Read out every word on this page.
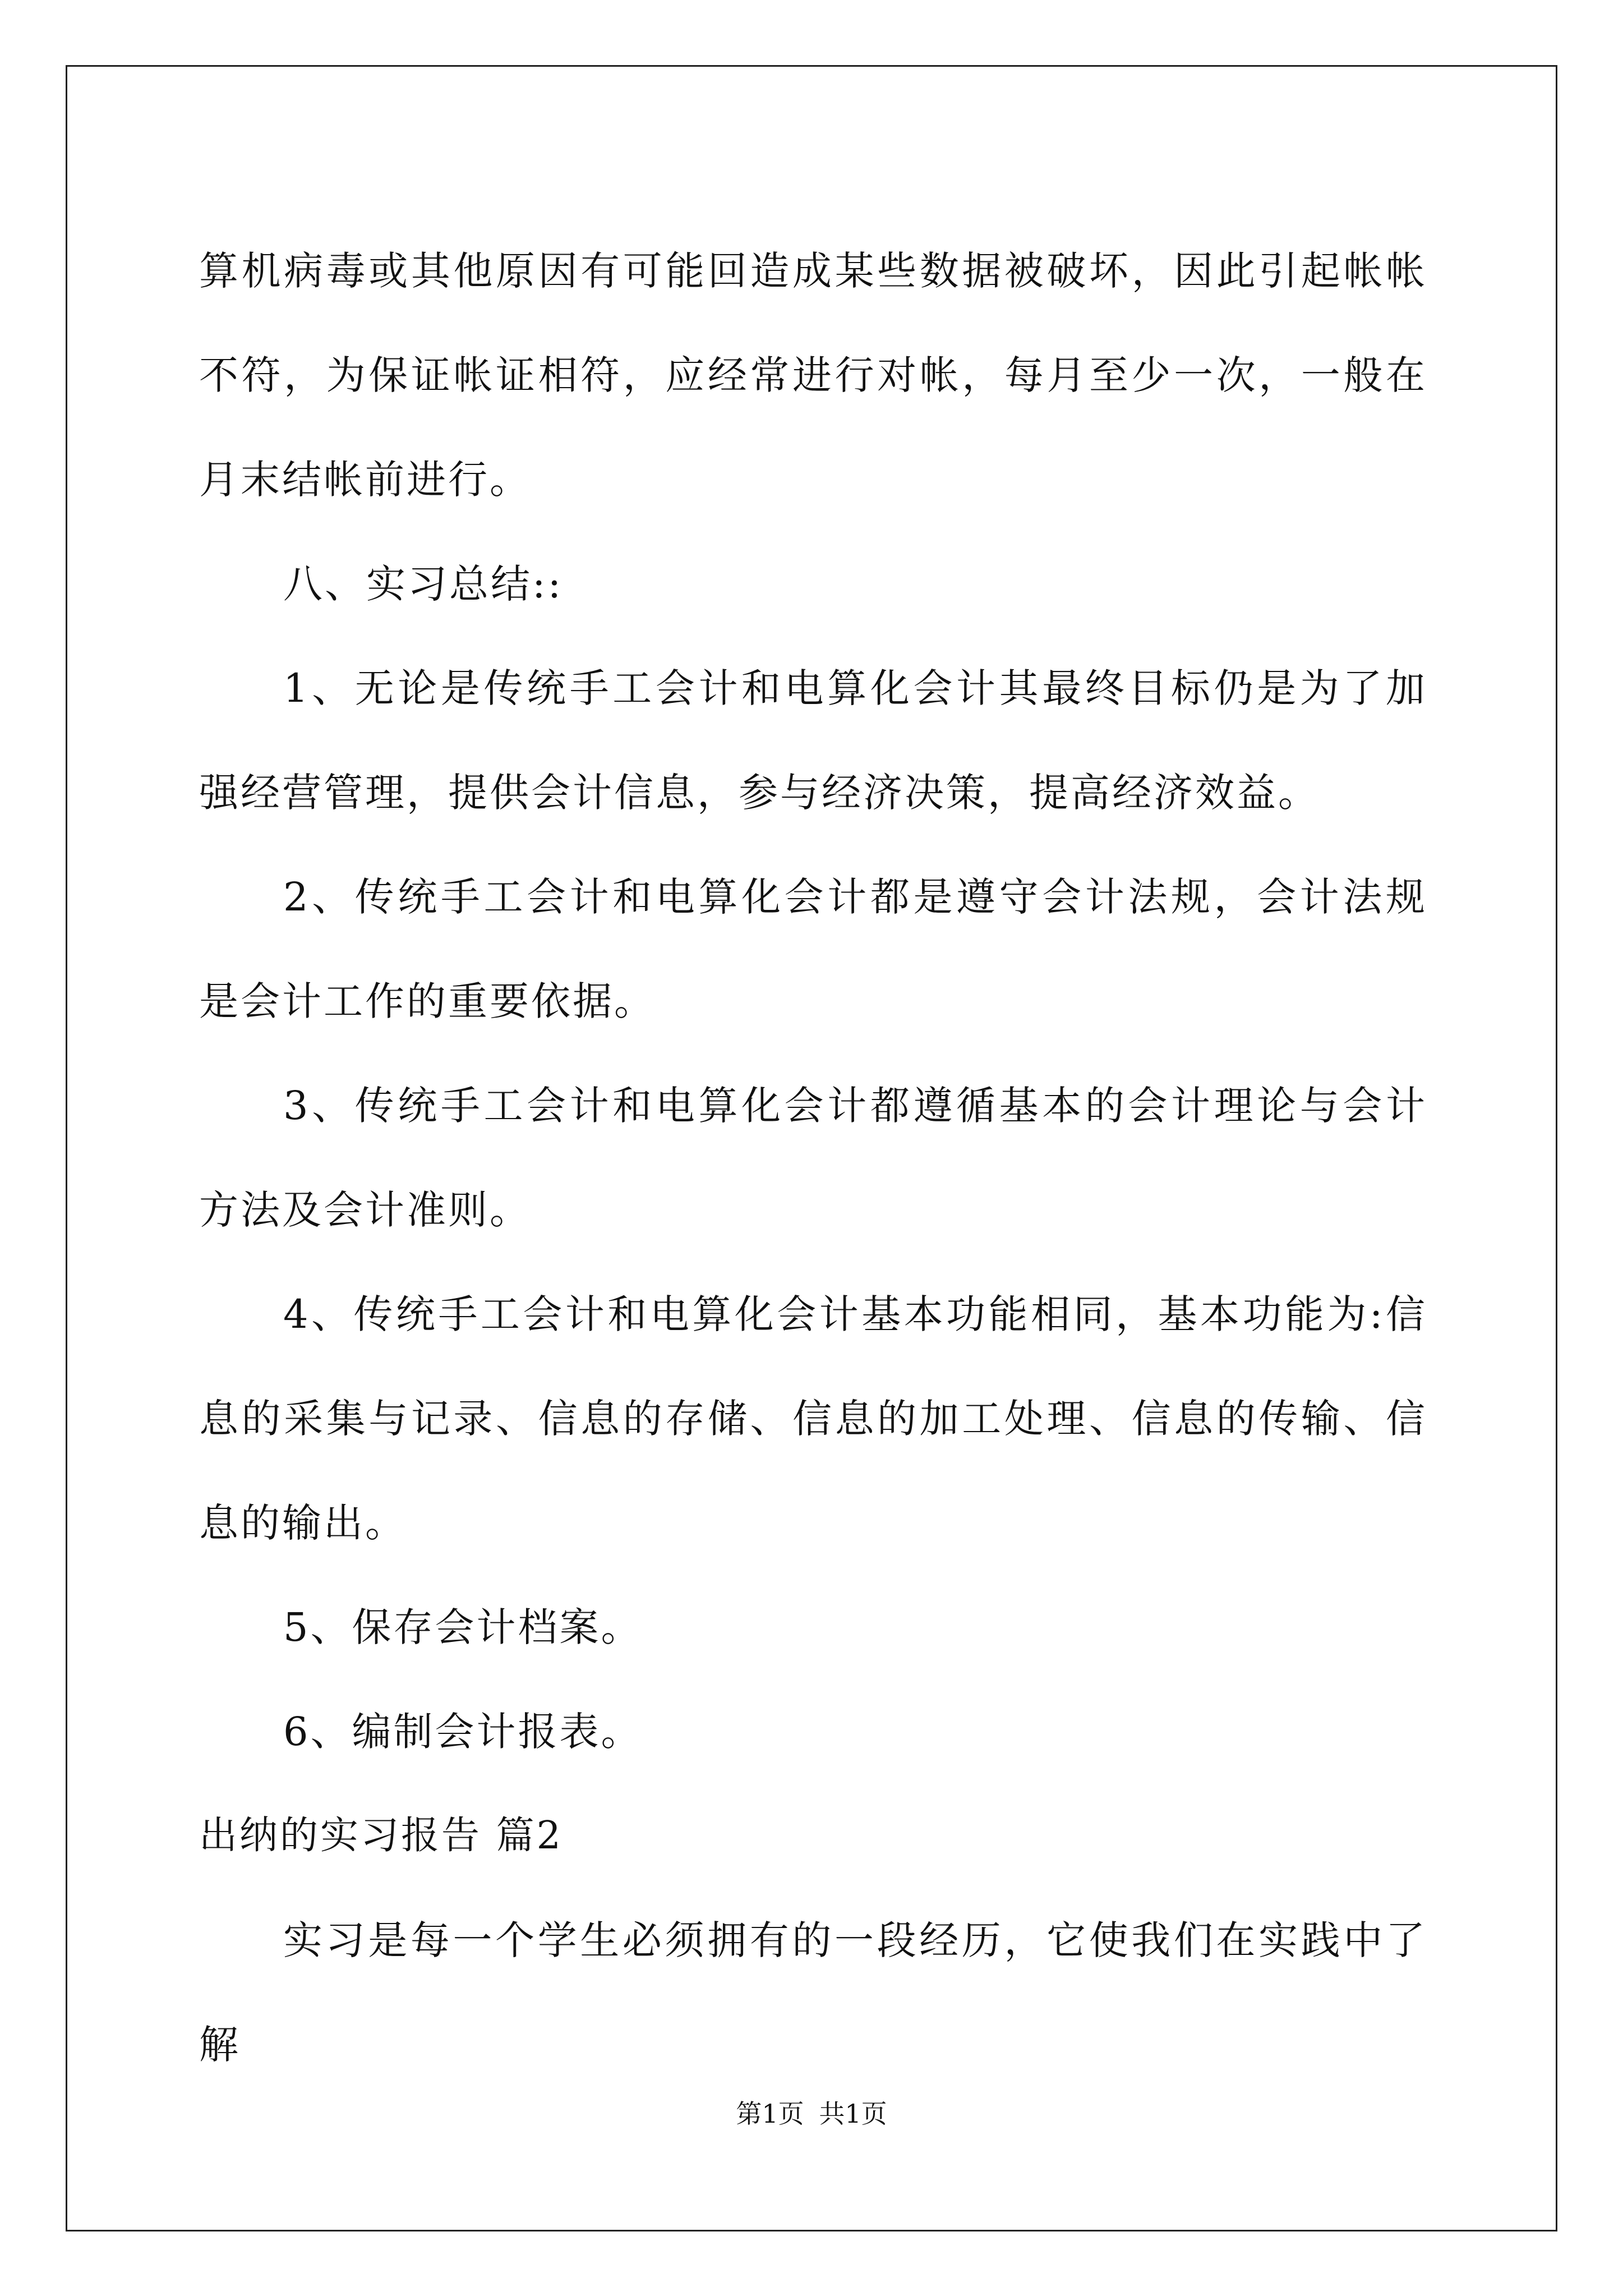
算机病毒或其他原因有可能回造成某些数据被破坏，因此引起帐帐不符，为保证帐证相符，应经常进行对帐，每月至少一次，一般在月末结帐前进行。

八、实习总结::

1、无论是传统手工会计和电算化会计其最终目标仍是为了加强经营管理，提供会计信息，参与经济决策，提高经济效益。

2、传统手工会计和电算化会计都是遵守会计法规，会计法规是会计工作的重要依据。

3、传统手工会计和电算化会计都遵循基本的会计理论与会计方法及会计准则。

4、传统手工会计和电算化会计基本功能相同，基本功能为:信息的采集与记录、信息的存储、信息的加工处理、信息的传输、信息的输出。

5、保存会计档案。

6、编制会计报表。

出纳的实习报告 篇2

实习是每一个学生必须拥有的一段经历，它使我们在实践中了解

第1页 共1页
